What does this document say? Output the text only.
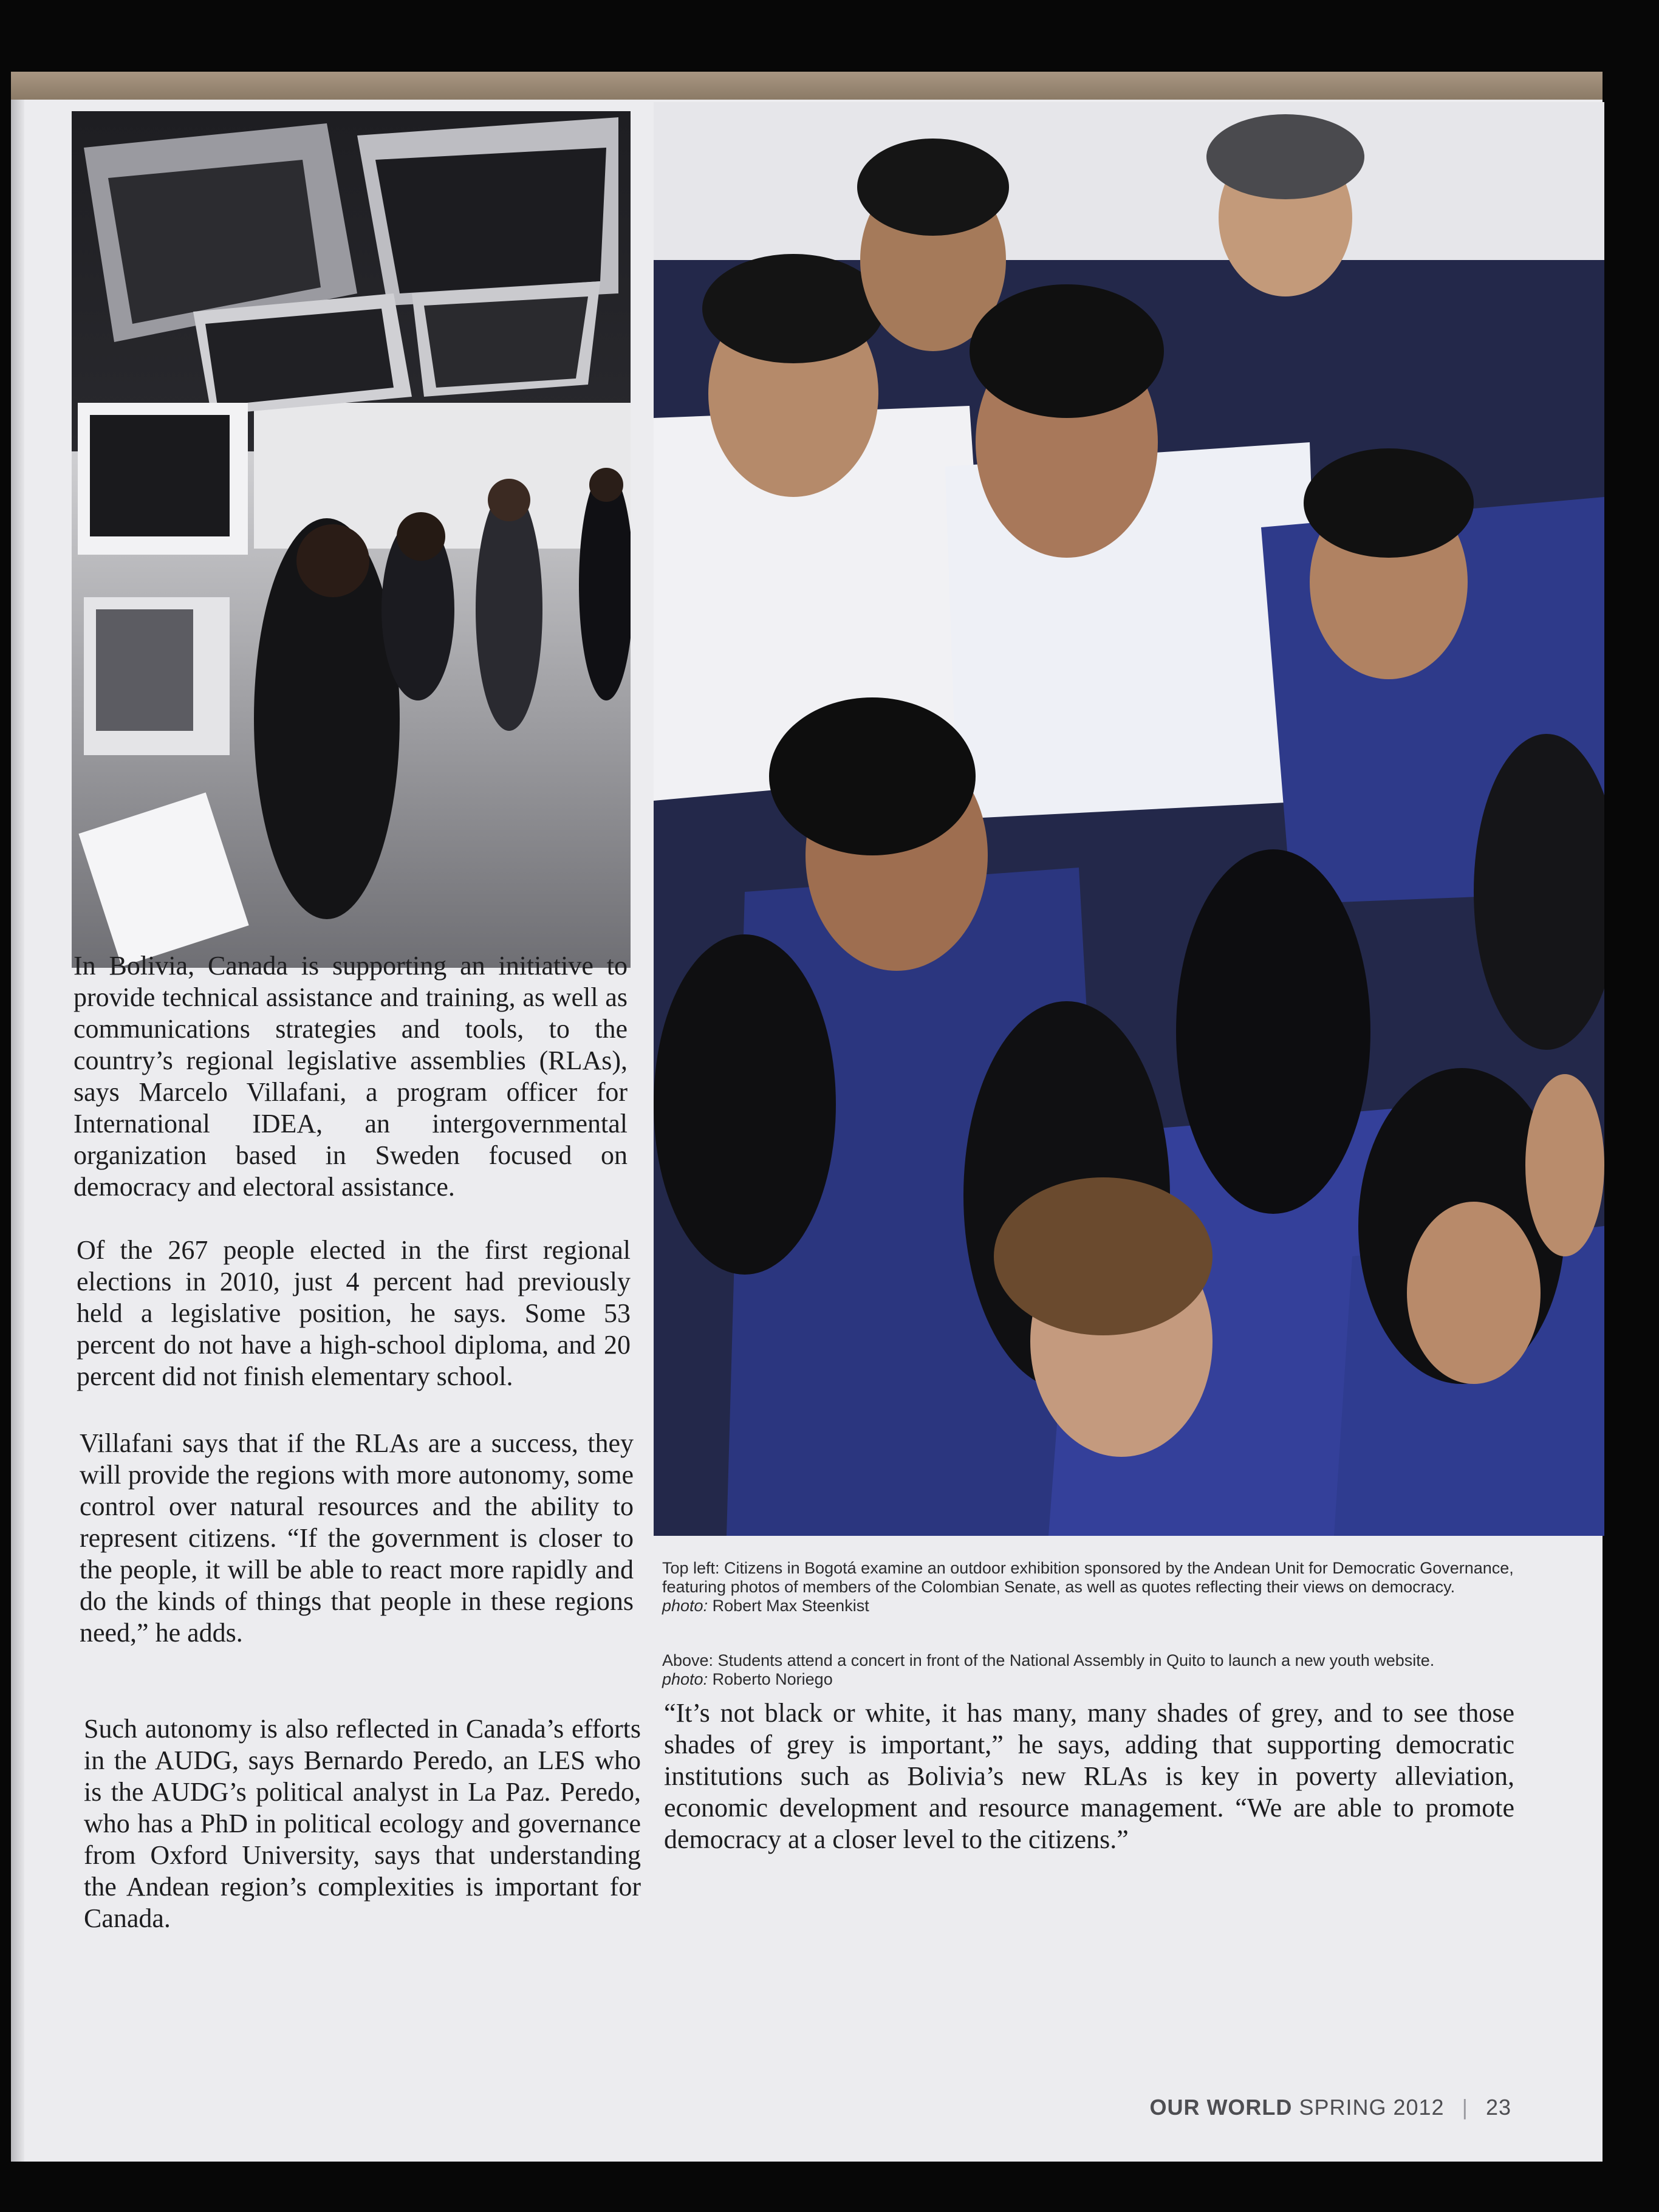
In Bolivia, Canada is supporting an initiative to provide technical assistance and training, as well as communications strategies and tools, to the country’s regional legislative assemblies (RLAs), says Marcelo Villafani, a program officer for International IDEA, an intergovernmental organization based in Sweden focused on democracy and electoral assistance.

Of the 267 people elected in the first regional elections in 2010, just 4 percent had previously held a legislative position, he says. Some 53 percent do not have a high-school diploma, and 20 percent did not finish elementary school.

Villafani says that if the RLAs are a success, they will provide the regions with more autonomy, some control over natural resources and the ability to represent citizens. “If the government is closer to the people, it will be able to react more rapidly and do the kinds of things that people in these regions need,” he adds.

Such autonomy is also reflected in Canada’s efforts in the AUDG, says Bernardo Peredo, an LES who is the AUDG’s political analyst in La Paz. Peredo, who has a PhD in political ecology and governance from Oxford University, says that understanding the Andean region’s complexities is important for Canada.

Top left: Citizens in Bogotá examine an outdoor exhibition sponsored by the Andean Unit for Democratic Governance, featuring photos of members of the Colombian Senate, as well as quotes reflecting their views on democracy.
photo: Robert Max Steenkist

Above: Students attend a concert in front of the National Assembly in Quito to launch a new youth website.
photo: Roberto Noriego

“It’s not black or white, it has many, many shades of grey, and to see those shades of grey is important,” he says, adding that supporting democratic institutions such as Bolivia’s new RLAs is key in poverty alleviation, economic development and resource management. “We are able to promote democracy at a closer level to the citizens.”

OUR WORLD SPRING 2012 | 23
